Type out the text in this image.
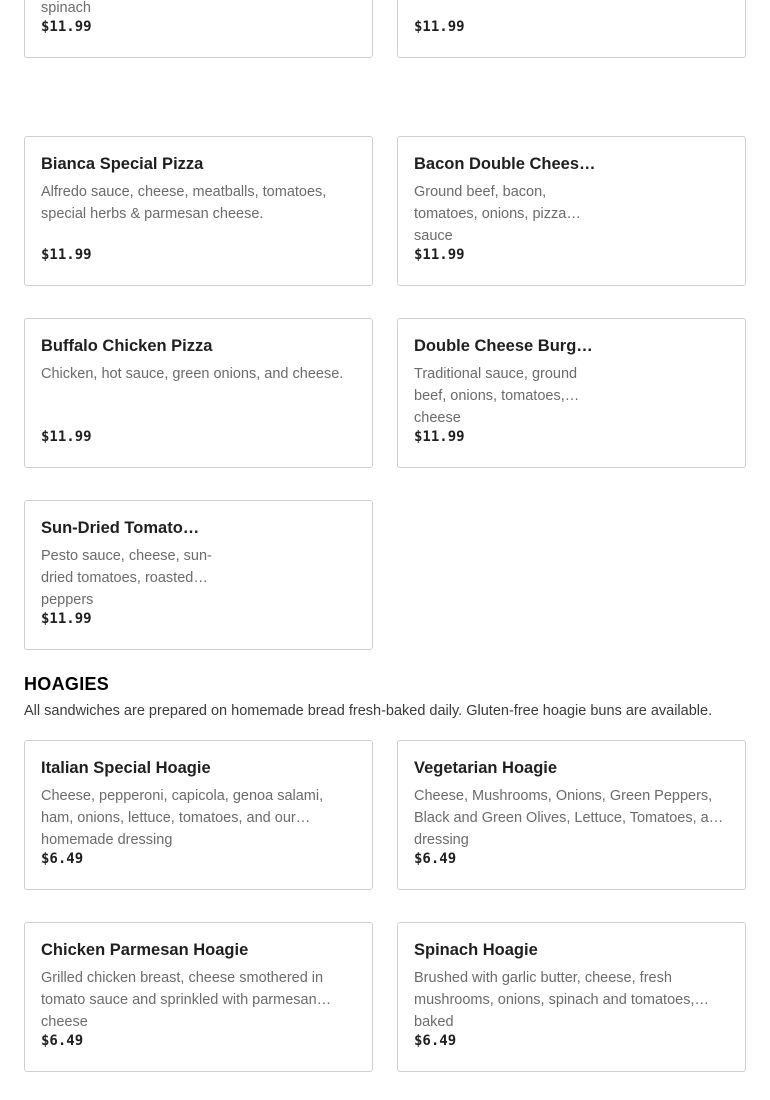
spinach
$11.99	$11.99
Bianca Special Pizza
Alfredo sauce, cheese, meatballs, tomatoes, special herbs & parmesan cheese.
$11.99
Bacon Double Chees…
Ground beef, bacon, tomatoes, onions, pizza sauce
$11.99
Buffalo Chicken Pizza
Chicken, hot sauce, green onions, and cheese.
$11.99
Double Cheese Burg…
Traditional sauce, ground beef, onions, tomatoes, cheese
$11.99
Sun-Dried Tomato…
Pesto sauce, cheese, sun-dried tomatoes, roasted peppers
$11.99
HOAGIES

All sandwiches are prepared on homemade bread fresh-baked daily. Gluten-free hoagie buns are available.

Italian Special Hoagie
Cheese, pepperoni, capicola, genoa salami, ham, onions, lettuce, tomatoes, and our homemade dressing
$6.49
Vegetarian Hoagie
Cheese, Mushrooms, Onions, Green Peppers, Black and Green Olives, Lettuce, Tomatoes, and dressing
$6.49
Chicken Parmesan Hoagie
Grilled chicken breast, cheese smothered in tomato sauce and sprinkled with parmesan cheese
$6.49
Spinach Hoagie
Brushed with garlic butter, cheese, fresh mushrooms, onions, spinach and tomatoes, baked
$6.49
